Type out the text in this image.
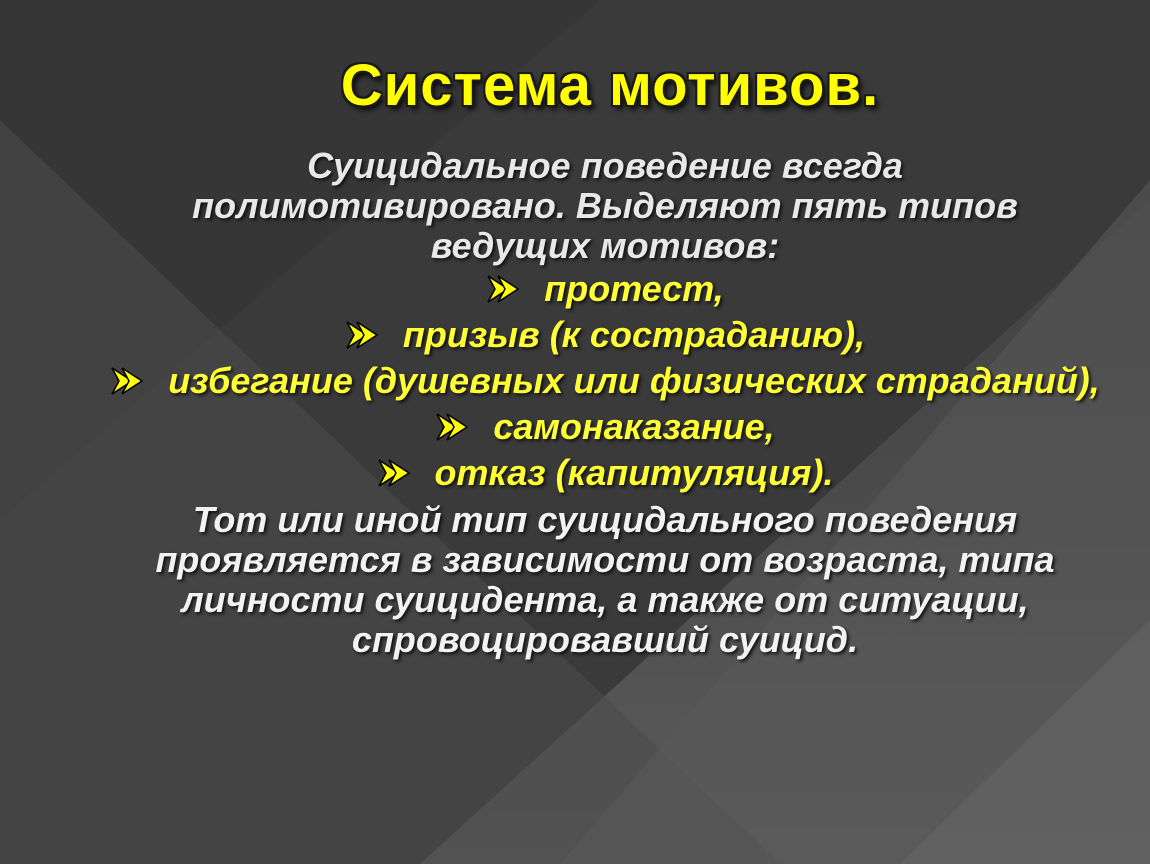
Система мотивов.

Суицидальное поведение всегда полимотивировано. Выделяют пять типов ведущих мотивов:

протест,
призыв (к состраданию),
избегание (душевных или физических страданий),
самонаказание,
отказ (капитуляция).

Тот или иной тип суицидального поведения проявляется в зависимости от возраста, типа личности суицидента, а также от ситуации, спровоцировавший суицид.
